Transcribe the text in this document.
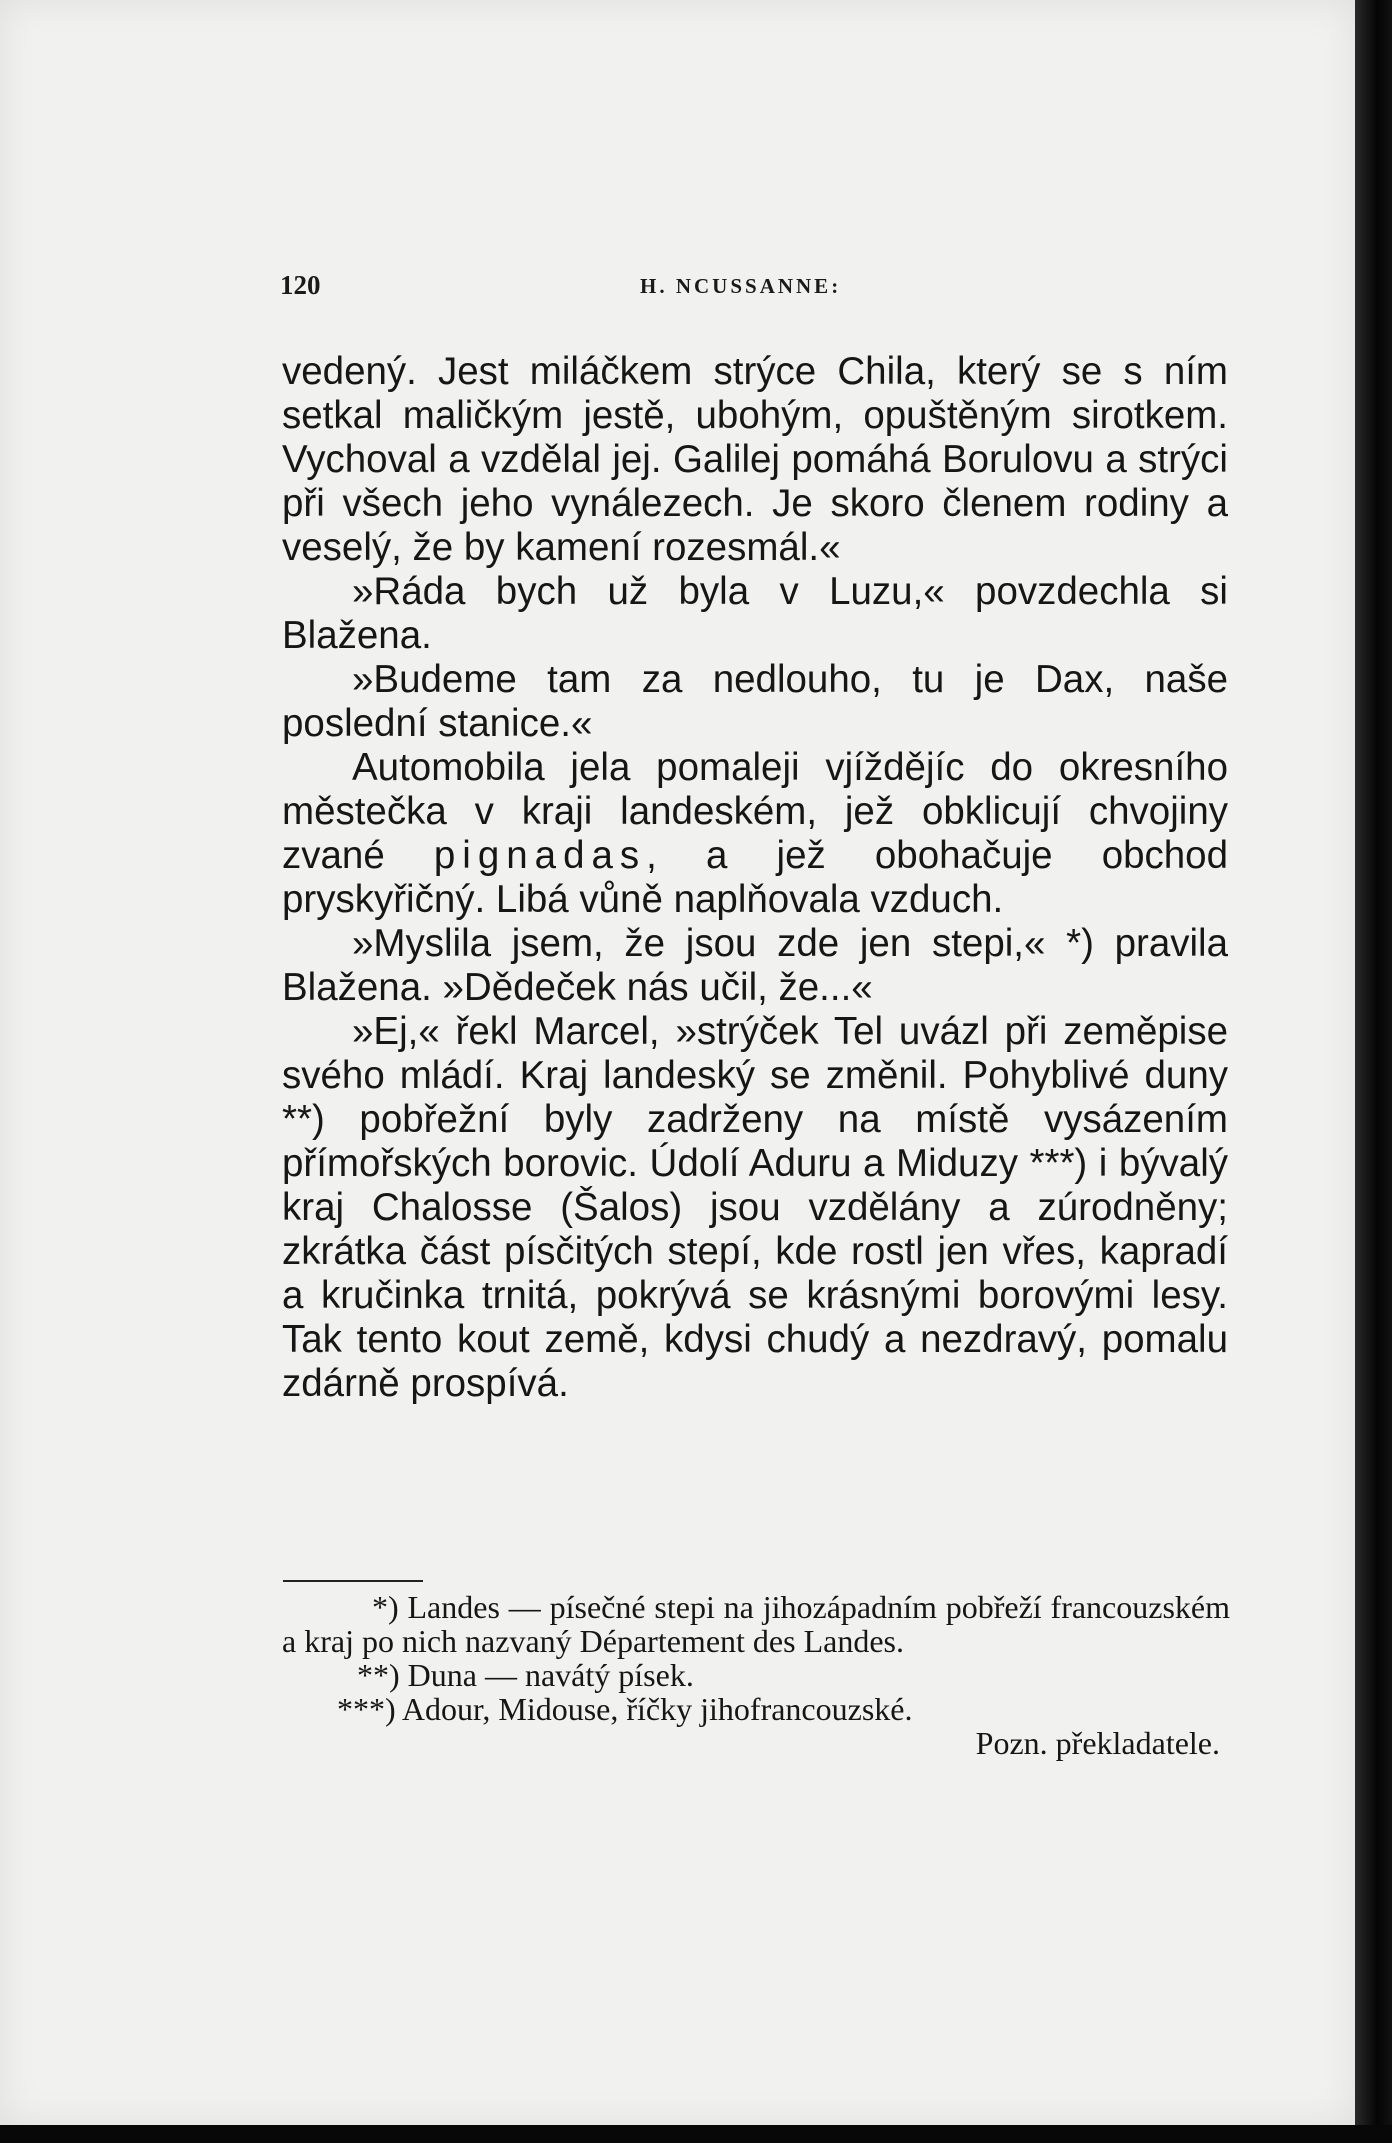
120	H. NCUSSANNE:

vedený. Jest miláčkem strýce Chila, který se s ním setkal maličkým jestě, ubohým, opuštěným sirotkem. Vychoval a vzdělal jej. Galilej pomáhá Borulovu a strýci při všech jeho vynálezech. Je skoro členem rodiny a veselý, že by kamení rozesmál.«

»Ráda bych už byla v Luzu,« povzdechla si Blažena.

»Budeme tam za nedlouho, tu je Dax, naše poslední stanice.«

Automobila jela pomaleji vjíždějíc do okresního městečka v kraji landeském, jež obklicují chvojiny zvané pignadas, a jež obohačuje obchod pryskyřičný. Libá vůně naplňovala vzduch.

»Myslila jsem, že jsou zde jen stepi,« *) pravila Blažena. »Dědeček nás učil, že...«

»Ej,« řekl Marcel, »strýček Tel uvázl při zeměpise svého mládí. Kraj landeský se změnil. Pohyblivé duny **) pobřežní byly zadrženy na místě vysázením přímořských borovic. Údolí Aduru a Miduzy ***) i bývalý kraj Chalosse (Šalos) jsou vzdělány a zúrodněny; zkrátka část písčitých stepí, kde rostl jen vřes, kapradí a kručinka trnitá, pokrývá se krásnými borovými lesy. Tak tento kout země, kdysi chudý a nezdravý, pomalu zdárně prospívá.

*) Landes — písečné stepi na jihozápadním pobřeží francouzském a kraj po nich nazvaný Département des Landes.

**) Duna — navátý písek.

***) Adour, Midouse, říčky jihofrancouzské.

Pozn. překladatele.
